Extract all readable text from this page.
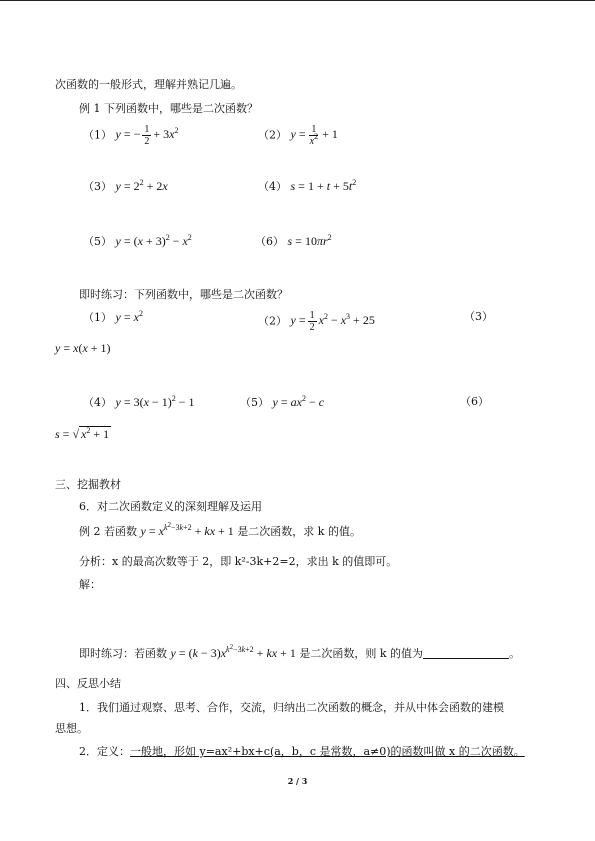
次函数的一般形式，理解并熟记几遍。
例 1 下列函数中，哪些是二次函数？
（1） y = − $\frac{1}{2} + 3x^2$	（2） $y = \frac{1}{x^2} + 1$
（3） $y = 2^2 + 2x$	（4） $s = 1 + t + 5t^2$
（5） $y = (x + 3)^2 - x^2$	（6） $s = 10\pi r^2$
即时练习：下列函数中，哪些是二次函数？
（1） $y = x^2$
（2） $y = \frac{1}{2} x^2 - x^3 + 25$	（3）
y = x(x + 1)
（4） $y = 3(x - 1)^2 - 1$	（5） $y = ax^2 - c$	（6）
s = √ $x^2 + 1$
三、挖掘教材
6．对二次函数定义的深刻理解及运用
例 2 若函数 $y = x^{k^2-3k+2}$ + kx + 1 是二次函数，求 k 的值。
分析：x 的最高次数等于 2，即 k²-3k+2=2，求出 k 的值即可。
解：
即时练习：若函数 $y = (k - 3)x^{k^2-3k+2}$ + kx + 1 是二次函数，则 k 的值为	。
四、反思小结
1．我们通过观察、思考、合作，交流，归纳出二次函数的概念，并从中体会函数的建模
思想。
2．定义：一般地，形如 y=ax²+bx+c(a，b，c 是常数，a≠0)的函数叫做 x 的二次函数。
2 / 3
